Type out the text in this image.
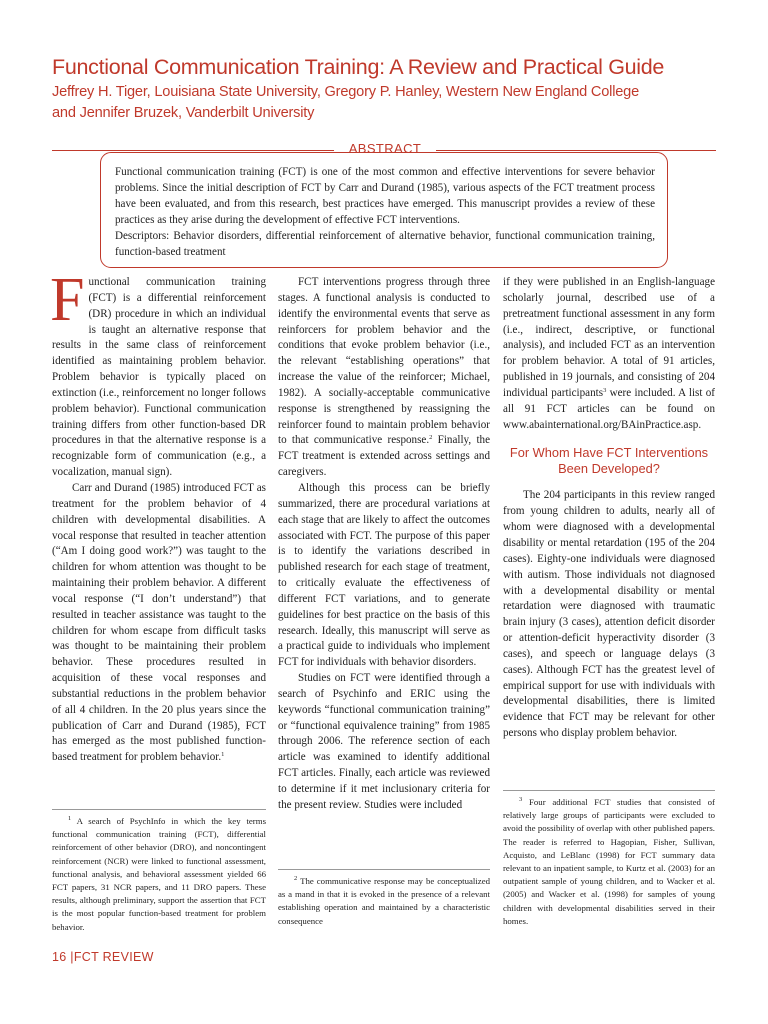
Functional Communication Training: A Review and Practical Guide
Jeffrey H. Tiger, Louisiana State University, Gregory P. Hanley, Western New England College
and Jennifer Bruzek, Vanderbilt University
ABSTRACT

Functional communication training (FCT) is one of the most common and effective interventions for severe behavior problems. Since the initial description of FCT by Carr and Durand (1985), various aspects of the FCT treatment process have been evaluated, and from this research, best practices have emerged. This manuscript provides a review of these practices as they arise during the development of effective FCT interventions.

Descriptors: Behavior disorders, differential reinforcement of alternative behavior, functional communication training, function-based treatment

Functional communication training (FCT) is a differential reinforcement (DR) procedure in which an individual is taught an alternative response that results in the same class of reinforcement identified as maintaining problem behavior. Problem behavior is typically placed on extinction (i.e., reinforcement no longer follows problem behavior). Functional communication training differs from other function-based DR procedures in that the alternative response is a recognizable form of communication (e.g., a vocalization, manual sign).

Carr and Durand (1985) introduced FCT as treatment for the problem behavior of 4 children with developmental disabilities. A vocal response that resulted in teacher attention (“Am I doing good work?”) was taught to the children for whom attention was thought to be maintaining their problem behavior. A different vocal response (“I don’t understand”) that resulted in teacher assistance was taught to the children for whom escape from difficult tasks was thought to be maintaining their problem behavior. These procedures resulted in acquisition of these vocal responses and substantial reductions in the problem behavior of all 4 children. In the 20 plus years since the publication of Carr and Durand (1985), FCT has emerged as the most published function-based treatment for problem behavior.$^1$

FCT interventions progress through three stages. A functional analysis is conducted to identify the environmental events that serve as reinforcers for problem behavior and the conditions that evoke problem behavior (i.e., the relevant “establishing operations” that increase the value of the reinforcer; Michael, 1982). A socially-acceptable communicative response is strengthened by reassigning the reinforcer found to maintain problem behavior to that communicative response.$^2$ Finally, the FCT treatment is extended across settings and caregivers.

Although this process can be briefly summarized, there are procedural variations at each stage that are likely to affect the outcomes associated with FCT. The purpose of this paper is to identify the variations described in published research for each stage of treatment, to critically evaluate the effectiveness of different FCT variations, and to generate guidelines for best practice on the basis of this research. Ideally, this manuscript will serve as a practical guide to individuals who implement FCT for individuals with behavior disorders.

Studies on FCT were identified through a search of Psychinfo and ERIC using the keywords “functional communication training” or “functional equivalence training” from 1985 through 2006. The reference section of each article was examined to identify additional FCT articles. Finally, each article was reviewed to determine if it met inclusionary criteria for the present review. Studies were included

if they were published in an English-language scholarly journal, described use of a pretreatment functional assessment in any form (i.e., indirect, descriptive, or functional analysis), and included FCT as an intervention for problem behavior. A total of 91 articles, published in 19 journals, and consisting of 204 individual participants$^3$ were included. A list of all 91 FCT articles can be found on www.abainternational.org/BAinPractice.asp.

For Whom Have FCT Interventions Been Developed?

The 204 participants in this review ranged from young children to adults, nearly all of whom were diagnosed with a developmental disability or mental retardation (195 of the 204 cases). Eighty-one individuals were diagnosed with autism. Those individuals not diagnosed with a developmental disability or mental retardation were diagnosed with traumatic brain injury (3 cases), attention deficit disorder or attention-deficit hyperactivity disorder (3 cases), and speech or language delays (3 cases). Although FCT has the greatest level of empirical support for use with individuals with developmental disabilities, there is limited evidence that FCT may be relevant for other persons who display problem behavior.

$^1$ A search of PsychInfo in which the key terms functional communication training (FCT), differential reinforcement of other behavior (DRO), and noncontingent reinforcement (NCR) were linked to functional assessment, functional analysis, and behavioral assessment yielded 66 FCT papers, 31 NCR papers, and 11 DRO papers. These results, although preliminary, support the assertion that FCT is the most popular function-based treatment for problem behavior.

$^2$ The communicative response may be conceptualized as a mand in that it is evoked in the presence of a relevant establishing operation and maintained by a characteristic consequence

$^3$ Four additional FCT studies that consisted of relatively large groups of participants were excluded to avoid the possibility of overlap with other published papers. The reader is referred to Hagopian, Fisher, Sullivan, Acquisto, and LeBlanc (1998) for FCT summary data relevant to an inpatient sample, to Kurtz et al. (2003) for an outpatient sample of young children, and to Wacker et al. (2005) and Wacker et al. (1998) for samples of young children with developmental disabilities served in their homes.

16 |FCT REVIEW
